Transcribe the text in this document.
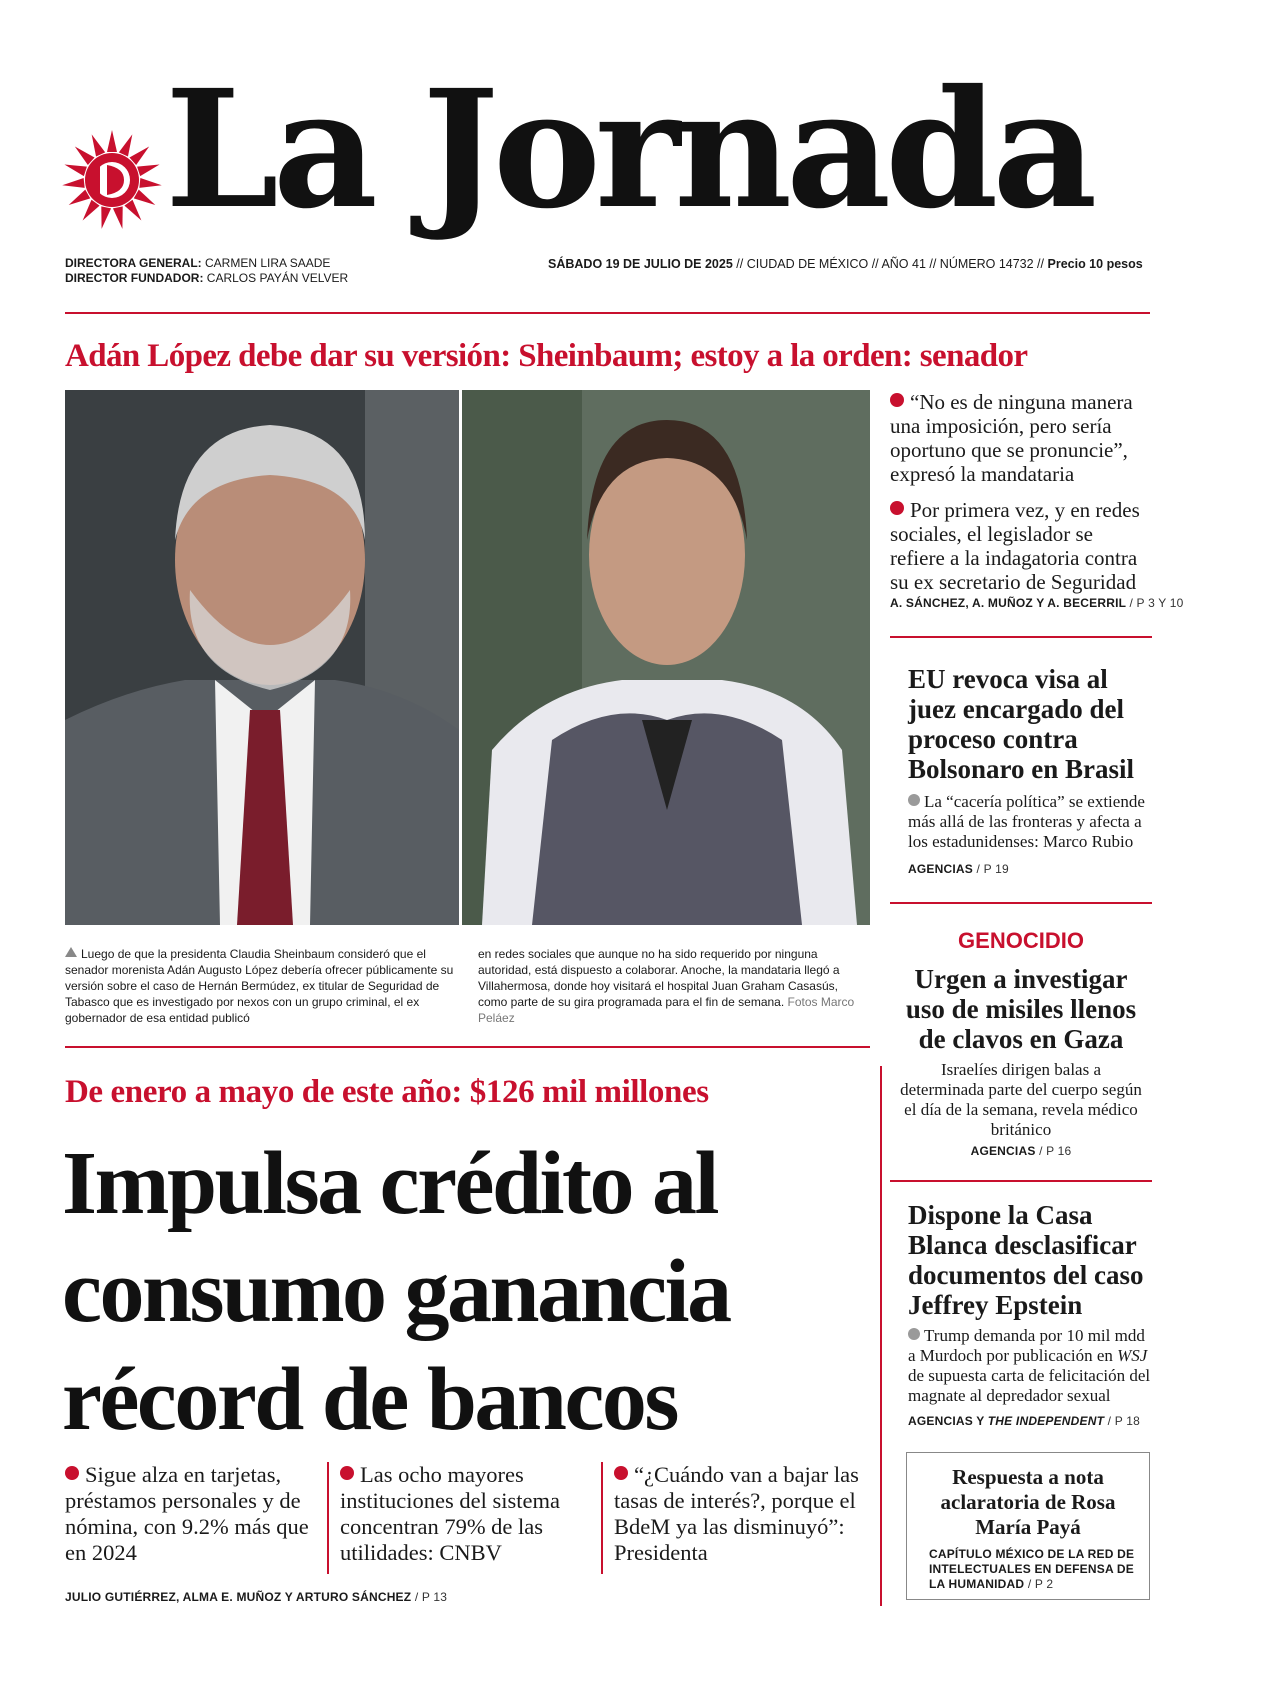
La Jornada
DIRECTORA GENERAL: CARMEN LIRA SAADE
DIRECTOR FUNDADOR: CARLOS PAYÁN VELVER
SÁBADO 19 DE JULIO DE 2025 // CIUDAD DE MÉXICO // AÑO 41 // NÚMERO 14732 // Precio 10 pesos
Adán López debe dar su versión: Sheinbaum; estoy a la orden: senador
Luego de que la presidenta Claudia Sheinbaum consideró que el senador morenista Adán Augusto López debería ofrecer públicamente su versión sobre el caso de Hernán Bermúdez, ex titular de Seguridad de Tabasco que es investigado por nexos con un grupo criminal, el ex gobernador de esa entidad publicó
en redes sociales que aunque no ha sido requerido por ninguna autoridad, está dispuesto a colaborar. Anoche, la mandataria llegó a Villahermosa, donde hoy visitará el hospital Juan Graham Casasús, como parte de su gira programada para el fin de semana. Fotos Marco Peláez
“No es de ninguna manera una imposición, pero sería oportuno que se pronuncie”, expresó la mandataria
Por primera vez, y en redes sociales, el legislador se refiere a la indagatoria contra su ex secretario de Seguridad
A. SÁNCHEZ, A. MUÑOZ Y A. BECERRIL / P 3 Y 10
EU revoca visa al juez encargado del proceso contra Bolsonaro en Brasil
La “cacería política” se extiende más allá de las fronteras y afecta a los estadunidenses: Marco Rubio
AGENCIAS / P 19
GENOCIDIO
Urgen a investigar uso de misiles llenos de clavos en Gaza
Israelíes dirigen balas a determinada parte del cuerpo según el día de la semana, revela médico británico
AGENCIAS / P 16
Dispone la Casa Blanca desclasificar documentos del caso Jeffrey Epstein
Trump demanda por 10 mil mdd a Murdoch por publicación en WSJ de supuesta carta de felicitación del magnate al depredador sexual
AGENCIAS Y THE INDEPENDENT / P 18
Respuesta a nota aclaratoria de Rosa María Payá
CAPÍTULO MÉXICO DE LA RED DE INTELECTUALES EN DEFENSA DE LA HUMANIDAD / P 2
De enero a mayo de este año: $126 mil millones
Impulsa crédito al
consumo ganancia
récord de bancos
Sigue alza en tarjetas, préstamos personales y de nómina, con 9.2% más que en 2024
Las ocho mayores instituciones del sistema concentran 79% de las utilidades: CNBV
“¿Cuándo van a bajar las tasas de interés?, porque el BdeM ya las disminuyó”: Presidenta
JULIO GUTIÉRREZ, ALMA E. MUÑOZ Y ARTURO SÁNCHEZ / P 13
